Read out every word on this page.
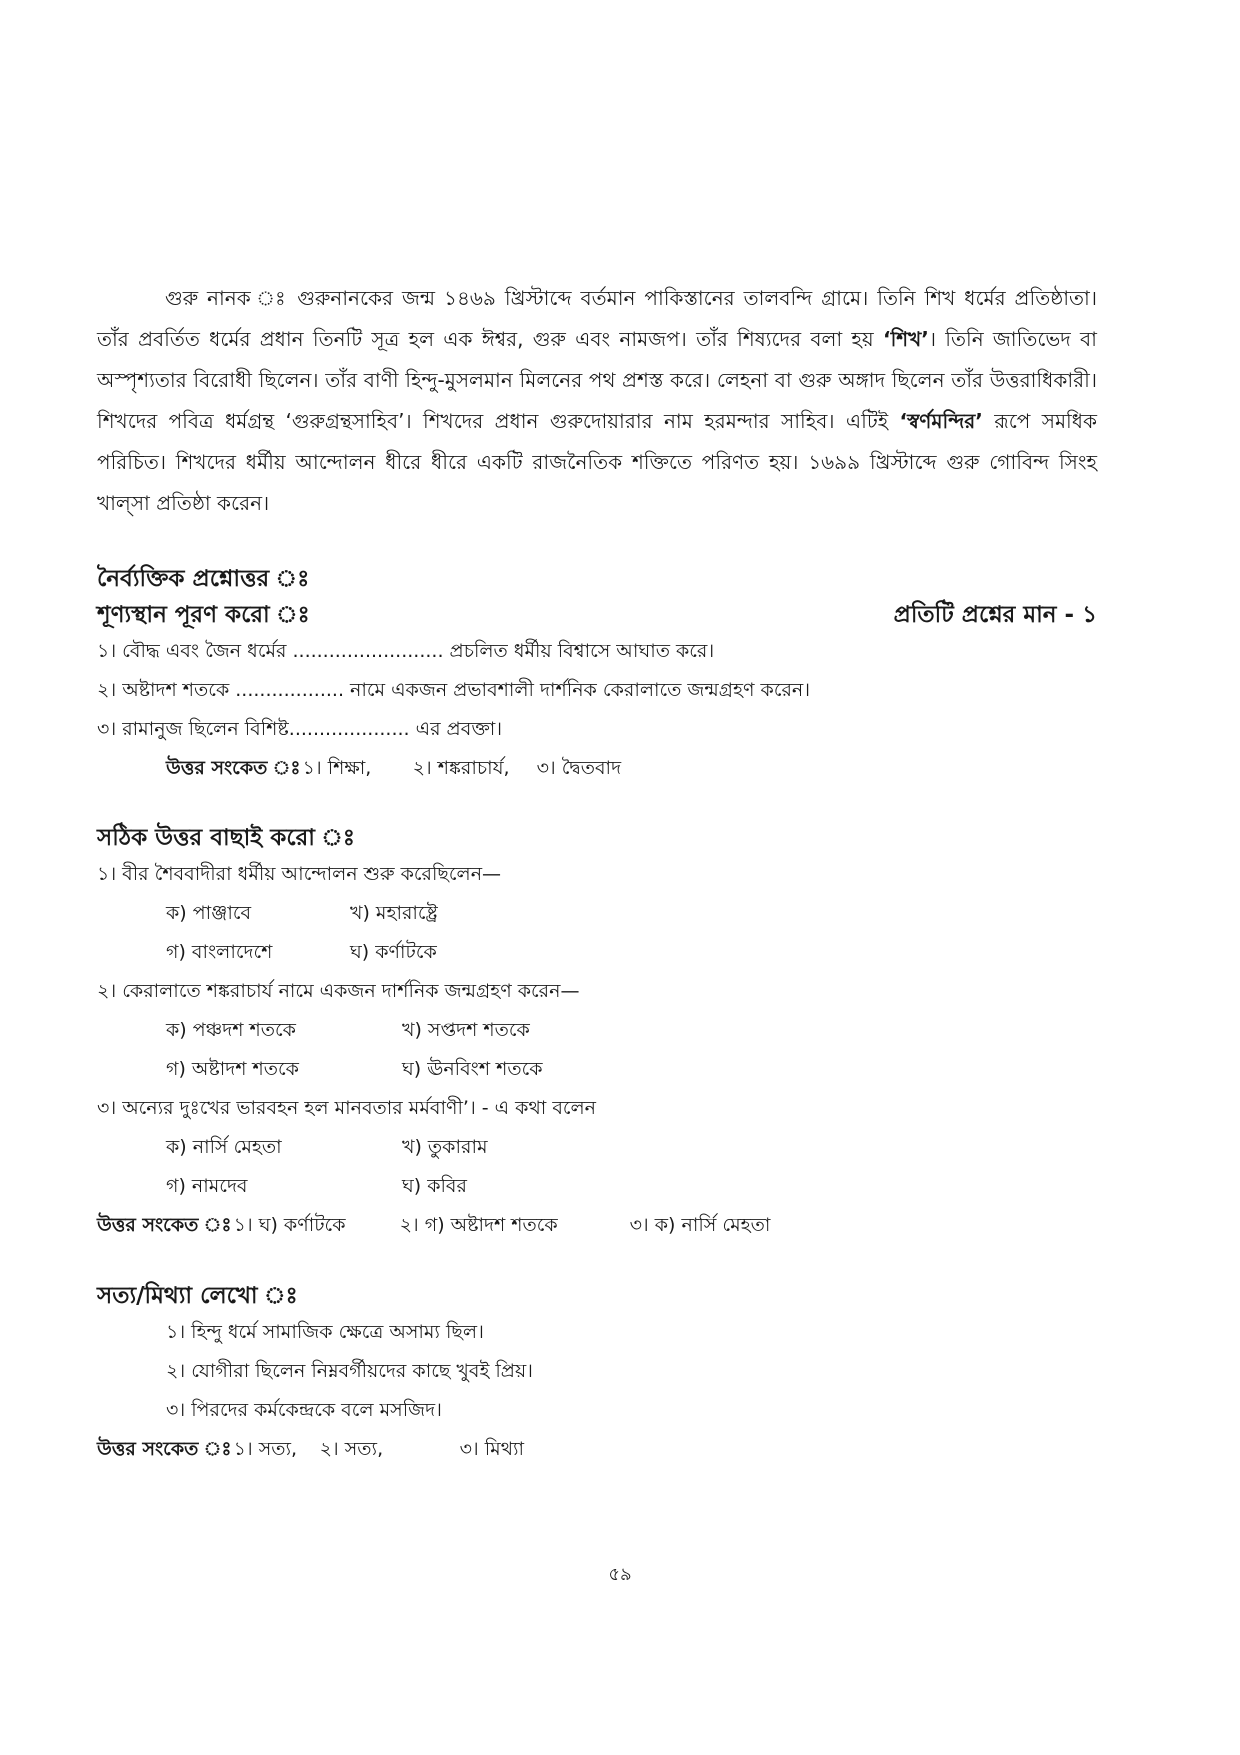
গুরু নানক ঃ গুরুনানকের জন্ম ১৪৬৯ খ্রিস্টাব্দে বর্তমান পাকিস্তানের তালবন্দি গ্রামে। তিনি শিখ ধর্মের প্রতিষ্ঠাতা। তাঁর প্রবর্তিত ধর্মের প্রধান তিনটি সূত্র হল এক ঈশ্বর, গুরু এবং নামজপ। তাঁর শিষ্যদের বলা হয় ‘শিখ’। তিনি জাতিভেদ বা অস্পৃশ্যতার বিরোধী ছিলেন। তাঁর বাণী হিন্দু-মুসলমান মিলনের পথ প্রশস্ত করে। লেহনা বা গুরু অঙ্গাদ ছিলেন তাঁর উত্তরাধিকারী। শিখদের পবিত্র ধর্মগ্রন্থ ‘গুরুগ্রন্থসাহিব’। শিখদের প্রধান গুরুদোয়ারার নাম হরমন্দার সাহিব। এটিই ‘স্বর্ণমন্দির’ রূপে সমধিক পরিচিত। শিখদের ধর্মীয় আন্দোলন ধীরে ধীরে একটি রাজনৈতিক শক্তিতে পরিণত হয়। ১৬৯৯ খ্রিস্টাব্দে গুরু গোবিন্দ সিংহ খাল্‌সা প্রতিষ্ঠা করেন।

নৈর্ব্যক্তিক প্রশ্নোত্তর ঃ

শূণ্যস্থান পূরণ করো ঃ	প্রতিটি প্রশ্নের মান - ১

১। বৌদ্ধ এবং জৈন ধর্মের ......................... প্রচলিত ধর্মীয় বিশ্বাসে আঘাত করে।

২। অষ্টাদশ শতকে .................. নামে একজন প্রভাবশালী দার্শনিক কেরালাতে জন্মগ্রহণ করেন।

৩। রামানুজ ছিলেন বিশিষ্ট.................... এর প্রবক্তা।

উত্তর সংকেত ঃ ১। শিক্ষা,	২। শঙ্করাচার্য,	৩। দ্বৈতবাদ

সঠিক উত্তর বাছাই করো ঃ

১। বীর শৈববাদীরা ধর্মীয় আন্দোলন শুরু করেছিলেন—

ক) পাঞ্জাবে	খ) মহারাষ্ট্রে
গ) বাংলাদেশে	ঘ) কর্ণাটকে

২। কেরালাতে শঙ্করাচার্য নামে একজন দার্শনিক জন্মগ্রহণ করেন—

ক) পঞ্চদশ শতকে	খ) সপ্তদশ শতকে
গ) অষ্টাদশ শতকে	ঘ) ঊনবিংশ শতকে

৩। অন্যের দুঃখের ভারবহন হল মানবতার মর্মবাণী’। - এ কথা বলেন

ক) নার্সি মেহতা	খ) তুকারাম
গ) নামদেব	ঘ) কবির
উত্তর সংকেত ঃ ১। ঘ) কর্ণাটকে	২। গ) অষ্টাদশ শতকে	৩। ক) নার্সি মেহতা

সত্য/মিথ্যা লেখো ঃ

১। হিন্দু ধর্মে সামাজিক ক্ষেত্রে অসাম্য ছিল।

২। যোগীরা ছিলেন নিম্নবর্গীয়দের কাছে খুবই প্রিয়।

৩। পিরদের কর্মকেন্দ্রকে বলে মসজিদ।

উত্তর সংকেত ঃ ১। সত্য,	২। সত্য,	৩। মিথ্যা
৫৯
